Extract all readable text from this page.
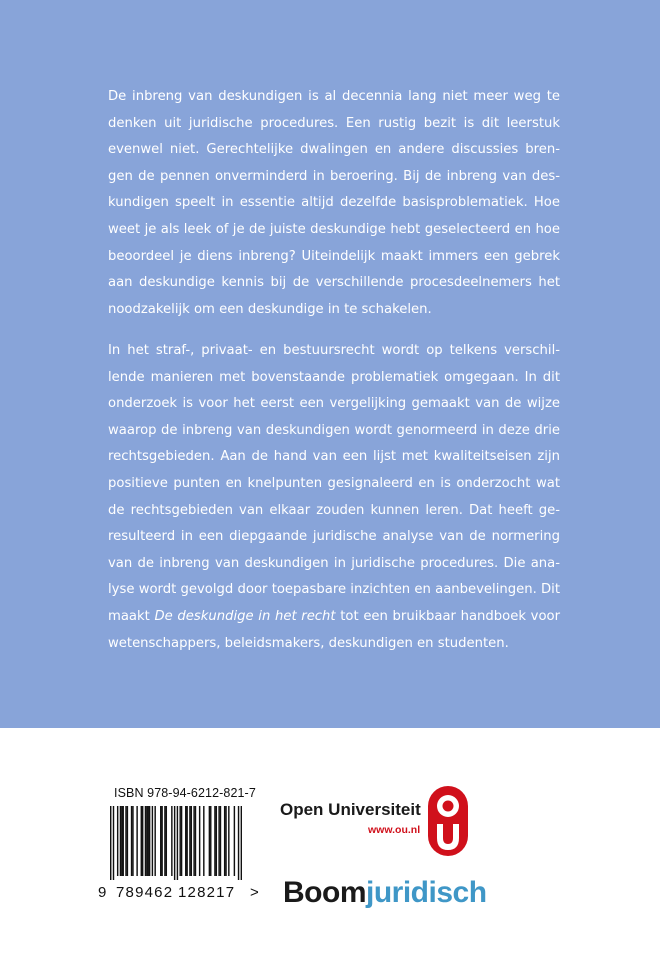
De inbreng van deskundigen is al decennia lang niet meer weg te
denken uit juridische procedures. Een rustig bezit is dit leerstuk
evenwel niet. Gerechtelijke dwalingen en andere discussies bren-
gen de pennen onverminderd in beroering. Bij de inbreng van des-
kundigen speelt in essentie altijd dezelfde basisproblematiek. Hoe
weet je als leek of je de juiste deskundige hebt geselecteerd en hoe
beoordeel je diens inbreng? Uiteindelijk maakt immers een gebrek
aan deskundige kennis bij de verschillende procesdeelnemers het
noodzakelijk om een deskundige in te schakelen.
In het straf-, privaat- en bestuursrecht wordt op telkens verschil-
lende manieren met bovenstaande problematiek omgegaan. In dit
onderzoek is voor het eerst een vergelijking gemaakt van de wijze
waarop de inbreng van deskundigen wordt genormeerd in deze drie
rechtsgebieden. Aan de hand van een lijst met kwaliteitseisen zijn
positieve punten en knelpunten gesignaleerd en is onderzocht wat
de rechtsgebieden van elkaar zouden kunnen leren. Dat heeft ge-
resulteerd in een diepgaande juridische analyse van de normering
van de inbreng van deskundigen in juridische procedures. Die ana-
lyse wordt gevolgd door toepasbare inzichten en aanbevelingen. Dit
maakt De deskundige in het recht tot een bruikbaar handboek voor
wetenschappers, beleidsmakers, deskundigen en studenten.
ISBN 978-94-6212-821-7
9 789462 128217 >
Open Universiteit
www.ou.nl
Boomjuridisch
